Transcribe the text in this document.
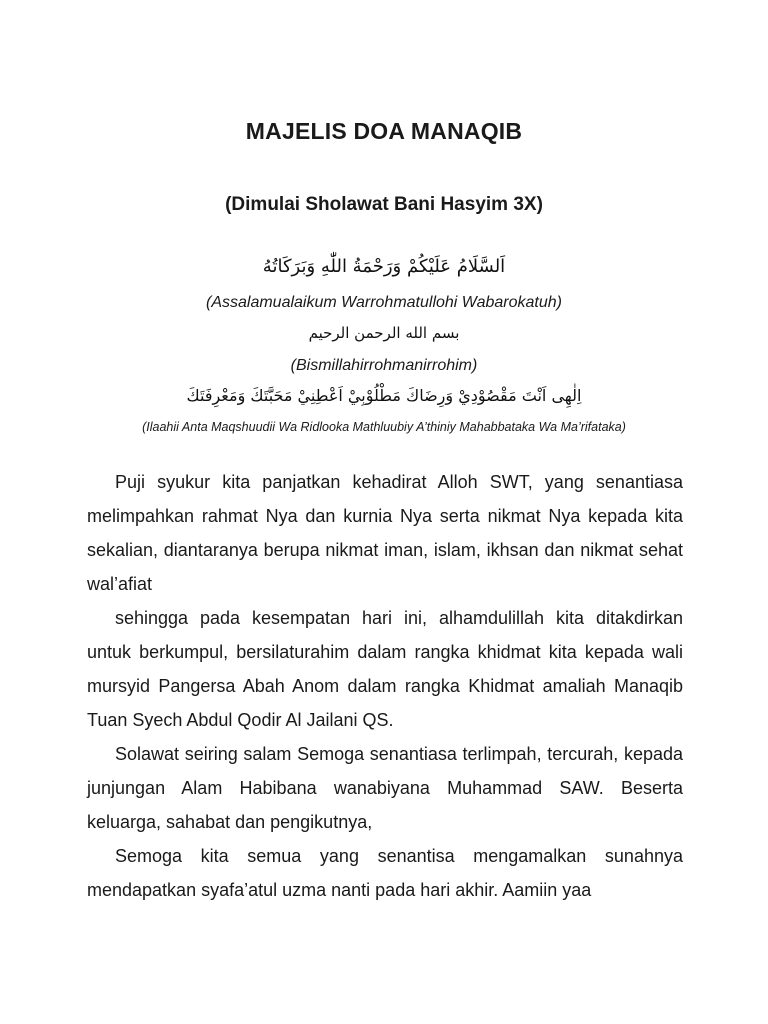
MAJELIS DOA MANAQIB
(Dimulai Sholawat Bani Hasyim 3X)
اَلسَّلَامُ عَلَيْكُمْ وَرَحْمَةُ اللّٰهِ وَبَرَكَاتُهُ
(Assalamualaikum Warrohmatullohi Wabarokatuh)
بسم الله الرحمن الرحيم
(Bismillahirrohmanirrohim)
اِلٰهِى اَنْتَ مَقْصُوْدِيْ وَرِضَاكَ مَطْلُوْبِيْ اَعْطِنِيْ مَحَبَّتَكَ وَمَعْرِفَتَكَ
(Ilaahii Anta Maqshuudii Wa Ridlooka Mathluubiy A’thiniy Mahabbataka Wa Ma’rifataka)

Puji syukur kita panjatkan kehadirat Alloh SWT, yang senantiasa melimpahkan rahmat Nya dan kurnia Nya serta nikmat Nya kepada kita sekalian, diantaranya berupa nikmat iman, islam, ikhsan dan nikmat sehat wal’afiat

sehingga pada kesempatan hari ini, alhamdulillah kita ditakdirkan untuk berkumpul, bersilaturahim dalam rangka khidmat kita kepada wali mursyid Pangersa Abah Anom dalam rangka Khidmat amaliah Manaqib Tuan Syech Abdul Qodir Al Jailani QS.

Solawat seiring salam Semoga senantiasa terlimpah, tercurah, kepada junjungan Alam Habibana wanabiyana Muhammad SAW. Beserta keluarga, sahabat dan pengikutnya,

Semoga kita semua yang senantisa mengamalkan sunahnya mendapatkan syafa’atul uzma nanti pada hari akhir. Aamiin yaa
